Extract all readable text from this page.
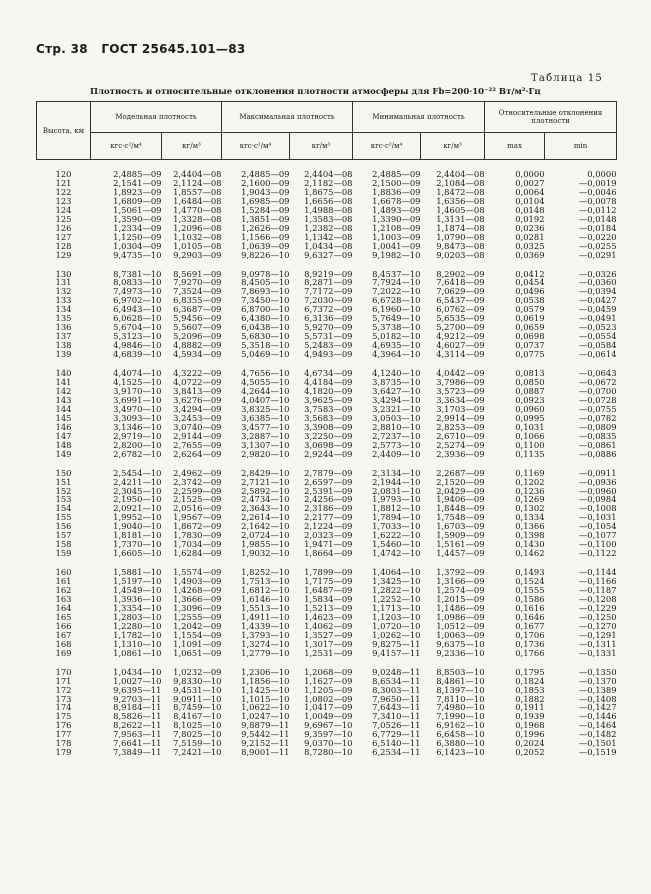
Стр. 38 ГОСТ 25645.101—83
Таблица 15
Плотность и относительные отклонения плотности атмосферы для Fb=200·10⁻²² Вт/м²·Гц
Высота, км	Модельная плотность		Максимальная плотность		Минимальная плотность		Относительные отклонения плотности	
	кгс·с²/м⁴	кг/м³	кгс·с²/м⁴	кг/м³	кгс·с²/м⁴	кг/м³	max	min

120	2,4885—09	2,4404—08	2,4885—09	2,4404—08	2,4885—09	2,4404—08	0,0000	0,0000
121	2,1541—09	2,1124—08	2,1600—09	2,1182—08	2,1500—09	2,1084—08	0,0027	—0,0019
122	1,8923—09	1,8557—08	1,9043—09	1,8675—08	1,8836—09	1,8472—08	0,0064	—0,0046
123	1,6809—09	1,6484—08	1,6985—09	1,6656—08	1,6678—09	1,6356—08	0,0104	—0,0078
124	1,5061—09	1,4770—08	1,5284—09	1,4988—08	1,4893—09	1,4605—08	0,0148	—0,0112
125	1,3590—09	1,3328—08	1,3851—09	1,3583—08	1,3390—09	1,3131—08	0,0192	—0,0148
126	1,2334—09	1,2096—08	1,2626—09	1,2382—08	1,2108—09	1,1874—08	0,0236	—0,0184
127	1,1250—09	1,1032—08	1,1566—09	1,1342—08	1,1003—09	1,0790—08	0,0281	—0,0220
128	1,0304—09	1,0105—08	1,0639—09	1,0434—08	1,0041—09	9,8473—08	0,0325	—0,0255
129	9,4735—10	9,2903—09	9,8226—10	9,6327—09	9,1982—10	9,0203—08	0,0369	—0,0291

130	8,7381—10	8,5691—09	9,0978—10	8,9219—09	8,4537—10	8,2902—09	0,0412	—0,0326
131	8,0833—10	7,9270—09	8,4505—10	8,2871—09	7,7924—10	7,6418—09	0,0454	—0,0360
132	7,4973—10	7,3524—09	7,8693—10	7,7172—09	7,2022—10	7,0629—09	0,0496	—0,0394
133	6,9702—10	6,8355—09	7,3450—10	7,2030—09	6,6728—10	6,5437—09	0,0538	—0,0427
134	6,4943—10	6,3687—09	6,8700—10	6,7372—09	6,1960—10	6,0762—09	0,0579	—0,0459
135	6,0628—10	5,9456—09	6,4380—10	6,3136—09	5,7649—10	5,6535—09	0,0619	—0,0491
136	5,6704—10	5,5607—09	6,0438—10	5,9270—09	5,3738—10	5,2700—09	0,0659	—0,0523
137	5,3123—10	5,2096—09	5,6830—10	5,5731—09	5,0182—10	4,9212—09	0,0698	—0,0554
138	4,9846—10	4,8882—09	5,3518—10	5,2483—09	4,6935—10	4,6027—09	0,0737	—0,0584
139	4,6839—10	4,5934—09	5,0469—10	4,9493—09	4,3964—10	4,3114—09	0,0775	—0,0614

140	4,4074—10	4,3222—09	4,7656—10	4,6734—09	4,1240—10	4,0442—09	0,0813	—0,0643
141	4,1525—10	4,0722—09	4,5055—10	4,4184—09	3,8735—10	3,7986—09	0,0850	—0,0672
142	3,9170—10	3,8413—09	4,2644—10	4,1820—09	3,6427—10	3,5723—09	0,0887	—0,0700
143	3,6991—10	3,6276—09	4,0407—10	3,9625—09	3,4294—10	3,3634—09	0,0923	—0,0728
144	3,4970—10	3,4294—09	3,8325—10	3,7583—09	3,2321—10	3,1703—09	0,0960	—0,0755
145	3,3093—10	3,2453—09	3,6385—10	3,5683—09	3,0503—10	2,9914—09	0,0995	—0,0782
146	3,1346—10	3,0740—09	3,4577—10	3,3908—09	2,8810—10	2,8253—09	0,1031	—0,0809
147	2,9719—10	2,9144—09	3,2887—10	3,2250—09	2,7237—10	2,6710—09	0,1066	—0,0835
148	2,8200—10	2,7655—09	3,1307—10	3,0698—09	2,5773—10	2,5274—09	0,1100	—0,0861
149	2,6782—10	2,6264—09	2,9820—10	2,9244—09	2,4409—10	2,3936—09	0,1135	—0,0886

150	2,5454—10	2,4962—09	2,8429—10	2,7879—09	2,3134—10	2,2687—09	0,1169	—0,0911
151	2,4211—10	2,3742—09	2,7121—10	2,6597—09	2,1944—10	2,1520—09	0,1202	—0,0936
152	2,3045—10	2,2599—09	2,5892—10	2,5391—09	2,0831—10	2,0429—09	0,1236	—0,0960
153	2,1950—10	2,1525—09	2,4734—10	2,4256—09	1,9793—10	1,9406—09	0,1269	—0,0984
154	2,0921—10	2,0516—09	2,3643—10	2,3186—09	1,8812—10	1,8448—09	0,1302	—0,1008
155	1,9952—10	1,9567—09	2,2614—10	2,2177—09	1,7894—10	1,7548—09	0,1334	—0,1031
156	1,9040—10	1,8672—09	2,1642—10	2,1224—09	1,7033—10	1,6703—09	0,1366	—0,1054
157	1,8181—10	1,7830—09	2,0724—10	2,0323—09	1,6222—10	1,5909—09	0,1398	—0,1077
158	1,7370—10	1,7034—09	1,9855—10	1,9471—09	1,5460—10	1,5161—09	0,1430	—0,1100
159	1,6605—10	1,6284—09	1,9032—10	1,8664—09	1,4742—10	1,4457—09	0,1462	—0,1122

160	1,5881—10	1,5574—09	1,8252—10	1,7899—09	1,4064—10	1,3792—09	0,1493	—0,1144
161	1,5197—10	1,4903—09	1,7513—10	1,7175—09	1,3425—10	1,3166—09	0,1524	—0,1166
162	1,4549—10	1,4268—09	1,6812—10	1,6487—09	1,2822—10	1,2574—09	0,1555	—0,1187
163	1,3936—10	1,3666—09	1,6146—10	1,5834—09	1,2252—10	1,2015—09	0,1586	—0,1208
164	1,3354—10	1,3096—09	1,5513—10	1,5213—09	1,1713—10	1,1486—09	0,1616	—0,1229
165	1,2803—10	1,2555—09	1,4911—10	1,4623—09	1,1203—10	1,0986—09	0,1646	—0,1250
166	1,2280—10	1,2042—09	1,4339—10	1,4062—09	1,0720—10	1,0512—09	0,1677	—0,1270
167	1,1782—10	1,1554—09	1,3793—10	1,3527—09	1,0262—10	1,0063—09	0,1706	—0,1291
168	1,1310—10	1,1091—09	1,3274—10	1,3017—09	9,8275—11	9,6375—10	0,1736	—0,1311
169	1,0861—10	1,0651—09	1,2779—10	1,2531—09	9,4157—11	9,2336—10	0,1766	—0,1331

170	1,0434—10	1,0232—09	1,2306—10	1,2068—09	9,0248—11	8,8503—10	0,1795	—0,1350
171	1,0027—10	9,8330—10	1,1856—10	1,1627—09	8,6534—11	8,4861—10	0,1824	—0,1370
172	9,6395—11	9,4531—10	1,1425—10	1,1205—09	8,3003—11	8,1397—10	0,1853	—0,1389
173	9,2703—11	9,0911—10	1,1015—10	1,0802—09	7,9650—11	7,8110—10	0,1882	—0,1408
174	8,9184—11	8,7459—10	1,0622—10	1,0417—09	7,6443—11	7,4980—10	0,1911	—0,1427
175	8,5826—11	8,4167—10	1,0247—10	1,0049—09	7,3410—11	7,1990—10	0,1939	—0,1446
176	8,2622—11	8,1025—10	9,8879—11	9,6967—10	7,0526—11	6,9162—10	0,1968	—0,1464
177	7,9563—11	7,8025—10	9,5442—11	9,3597—10	6,7729—11	6,6458—10	0,1996	—0,1482
178	7,6641—11	7,5159—10	9,2152—11	9,0370—10	6,5140—11	6,3880—10	0,2024	—0,1501
179	7,3849—11	7,2421—10	8,9001—11	8,7280—10	6,2534—11	6,1423—10	0,2052	—0,1519
